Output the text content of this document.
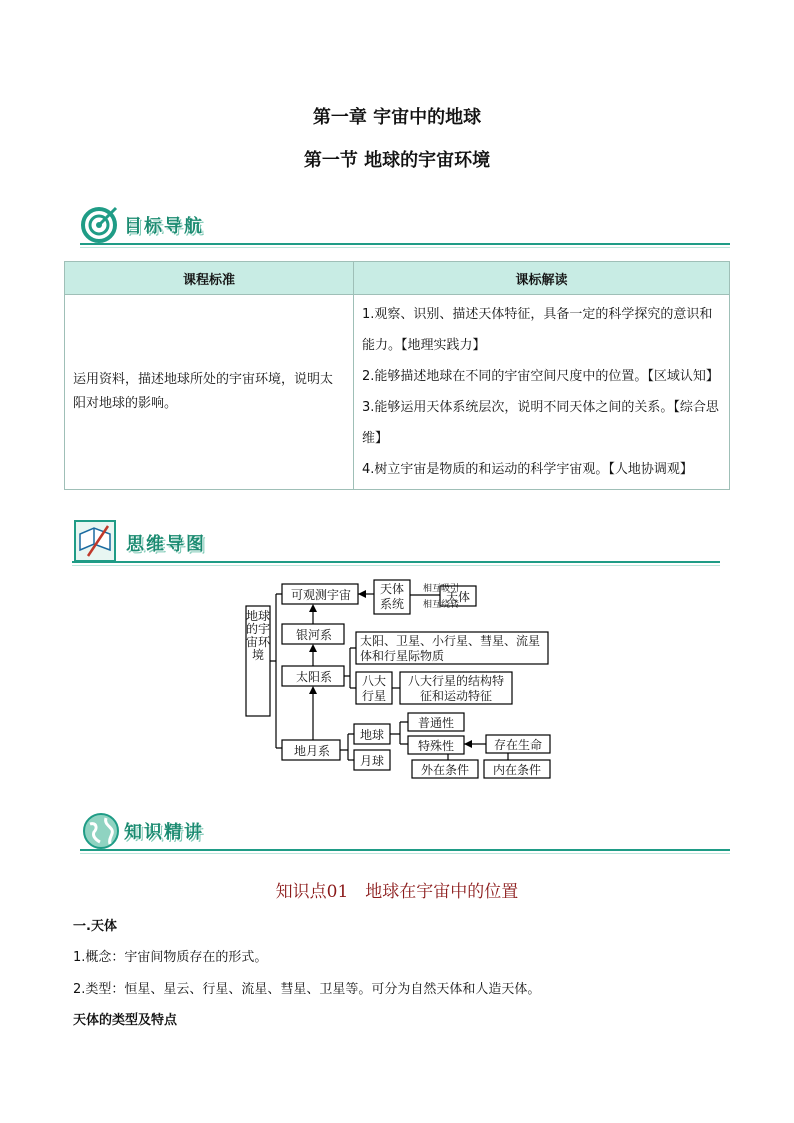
第一章 宇宙中的地球
第一节 地球的宇宙环境
目标导航
课程标准	课标解读
运用资料，描述地球所处的宇宙环境，说明太阳对地球的影响。	1.观察、识别、描述天体特征，具备一定的科学探究的意识和能力。【地理实践力】
2.能够描述地球在不同的宇宙空间尺度中的位置。【区域认知】
3.能够运用天体系统层次，说明不同天体之间的关系。【综合思维】
4.树立宇宙是物质的和运动的科学宇宙观。【人地协调观】
思维导图
地球的宇宙环境
可观测宇宙
银河系
太阳系
地月系
天体系统
相互吸引
相互绕转
天体
太阳、卫星、小行星、彗星、流星体和行星际物质
八大行星
八大行星的结构特征和运动特征
地球
月球
普通性
特殊性	存在生命
外在条件	内在条件
知识精讲
知识点01　地球在宇宙中的位置
一.天体
1.概念：宇宙间物质存在的形式。
2.类型：恒星、星云、行星、流星、彗星、卫星等。可分为自然天体和人造天体。
天体的类型及特点
